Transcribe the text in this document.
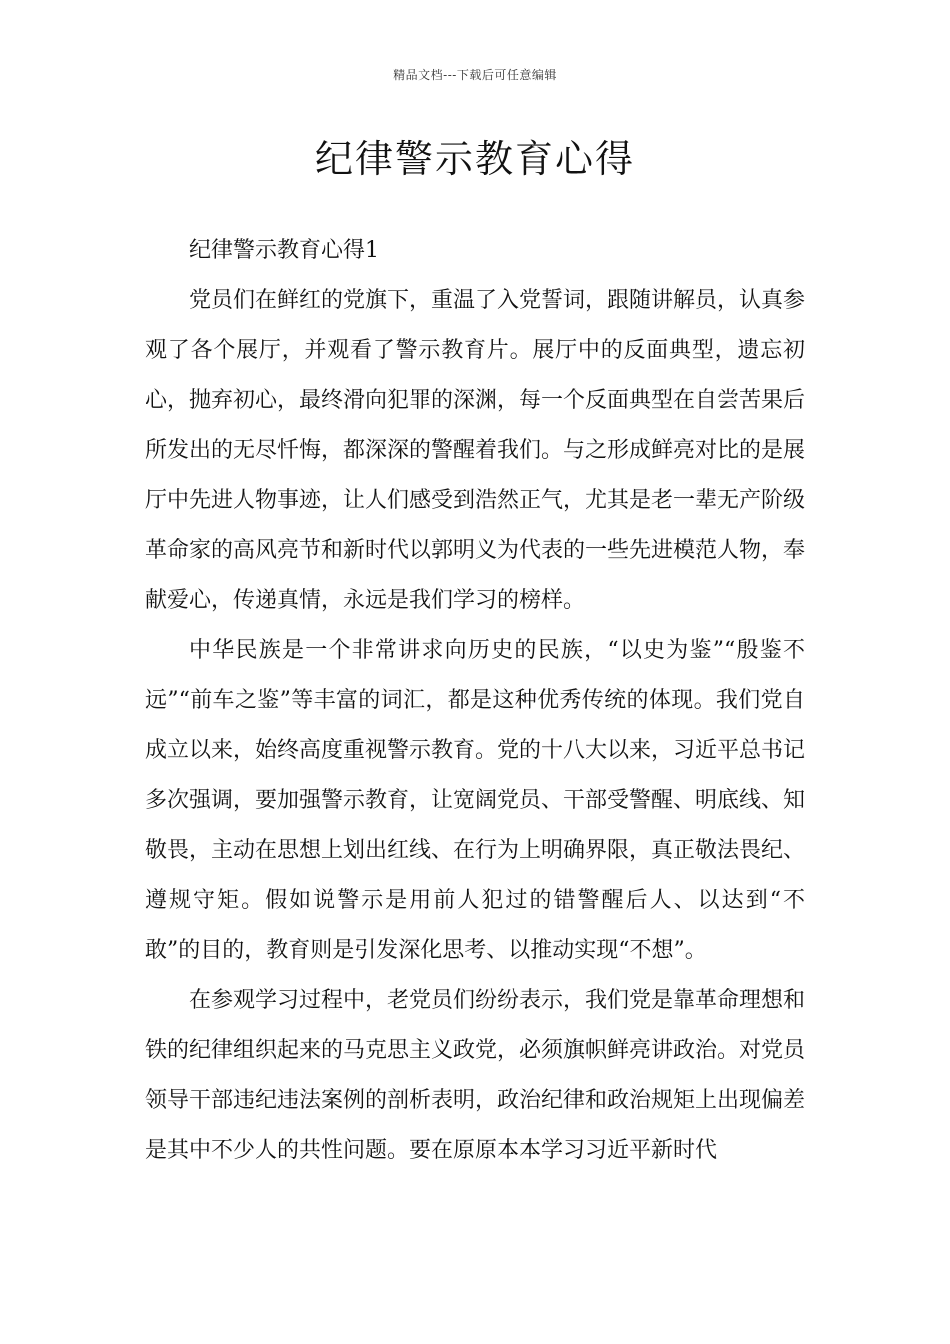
精品文档---下载后可任意编辑
纪律警示教育心得

纪律警示教育心得1

党员们在鲜红的党旗下，重温了入党誓词，跟随讲解员，认真参观了各个展厅，并观看了警示教育片。展厅中的反面典型，遗忘初心，抛弃初心，最终滑向犯罪的深渊，每一个反面典型在自尝苦果后所发出的无尽忏悔，都深深的警醒着我们。与之形成鲜亮对比的是展厅中先进人物事迹，让人们感受到浩然正气，尤其是老一辈无产阶级革命家的高风亮节和新时代以郭明义为代表的一些先进模范人物，奉献爱心，传递真情，永远是我们学习的榜样。

中华民族是一个非常讲求向历史的民族，“以史为鉴”“殷鉴不远”“前车之鉴”等丰富的词汇，都是这种优秀传统的体现。我们党自成立以来，始终高度重视警示教育。党的十八大以来，习近平总书记多次强调，要加强警示教育，让宽阔党员、干部受警醒、明底线、知敬畏，主动在思想上划出红线、在行为上明确界限，真正敬法畏纪、遵规守矩。假如说警示是用前人犯过的错警醒后人、以达到“不敢”的目的，教育则是引发深化思考、以推动实现“不想”。

在参观学习过程中，老党员们纷纷表示，我们党是靠革命理想和铁的纪律组织起来的马克思主义政党，必须旗帜鲜亮讲政治。对党员领导干部违纪违法案例的剖析表明，政治纪律和政治规矩上出现偏差是其中不少人的共性问题。要在原原本本学习习近平新时代
